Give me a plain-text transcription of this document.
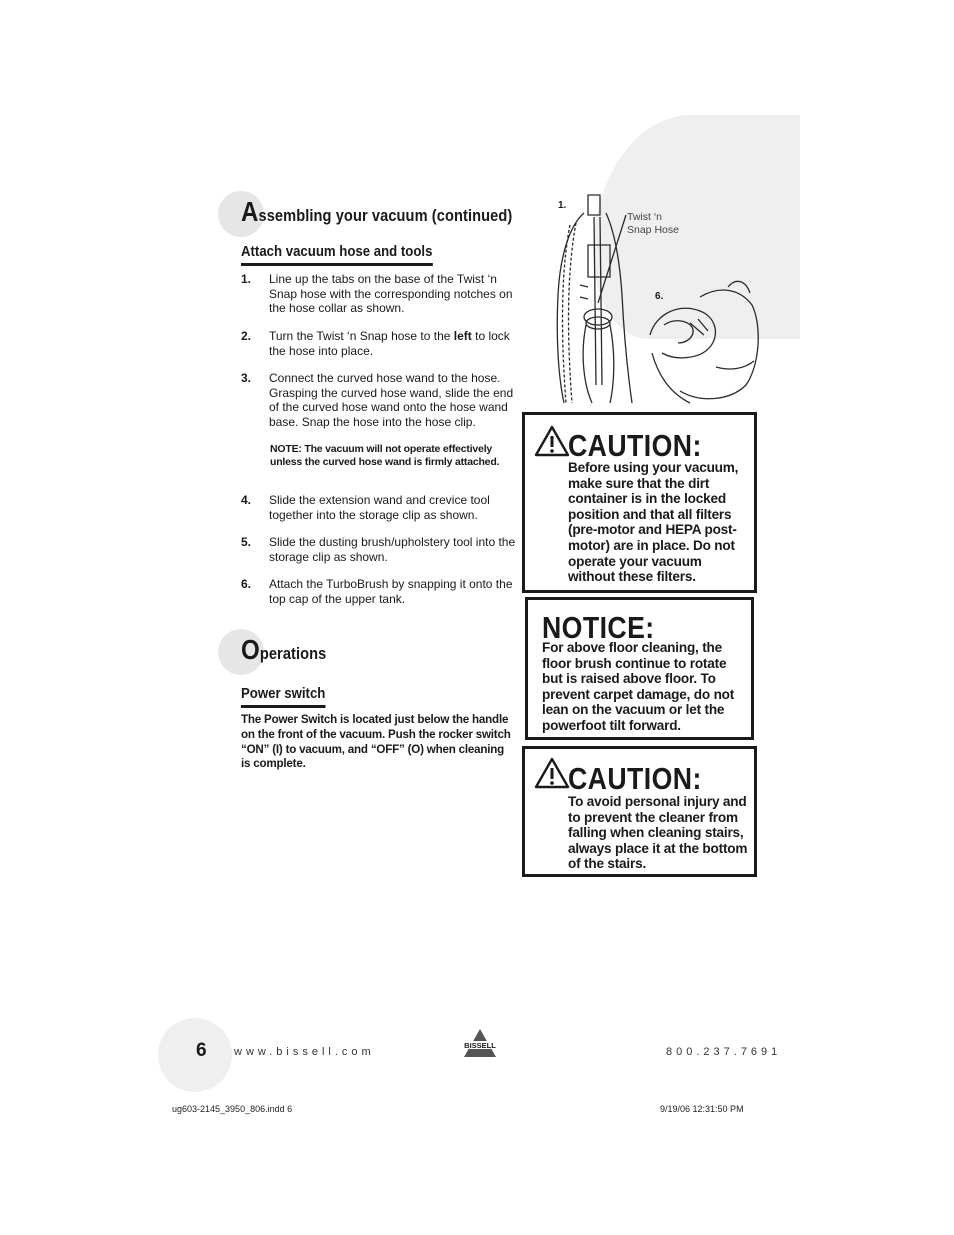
Assembling your vacuum (continued)
Attach vacuum hose and tools
1. Line up the tabs on the base of the Twist ‘n Snap hose with the corresponding notches on the hose collar as shown.
2. Turn the Twist ‘n Snap hose to the left to lock the hose into place.
3. Connect the curved hose wand to the hose. Grasping the curved hose wand, slide the end of the curved hose wand onto the hose wand base. Snap the hose into the hose clip.
NOTE: The vacuum will not operate effectively unless the curved hose wand is firmly attached.
4. Slide the extension wand and crevice tool together into the storage clip as shown.
5. Slide the dusting brush/upholstery tool into the storage clip as shown.
6. Attach the TurboBrush by snapping it onto the top cap of the upper tank.
Operations
Power switch
The Power Switch is located just below the handle on the front of the vacuum. Push the rocker switch “ON” (I) to vacuum, and “OFF” (O) when cleaning is complete.
1.
Twist ‘n Snap Hose
6.
CAUTION:
Before using your vacuum, make sure that the dirt container is in the locked position and that all filters (pre-motor and HEPA post-motor) are in place. Do not operate your vacuum without these filters.
NOTICE:
For above floor cleaning, the floor brush continue to rotate but is raised above floor. To prevent carpet damage, do not lean on the vacuum or let the powerfoot tilt forward.
CAUTION:
To avoid personal injury and to prevent the cleaner from falling when cleaning stairs, always place it at the bottom of the stairs.
6 www.bissell.com
BISSELL
800.237.7691
ug603-2145_3950_806.indd 6	9/19/06 12:31:50 PM
